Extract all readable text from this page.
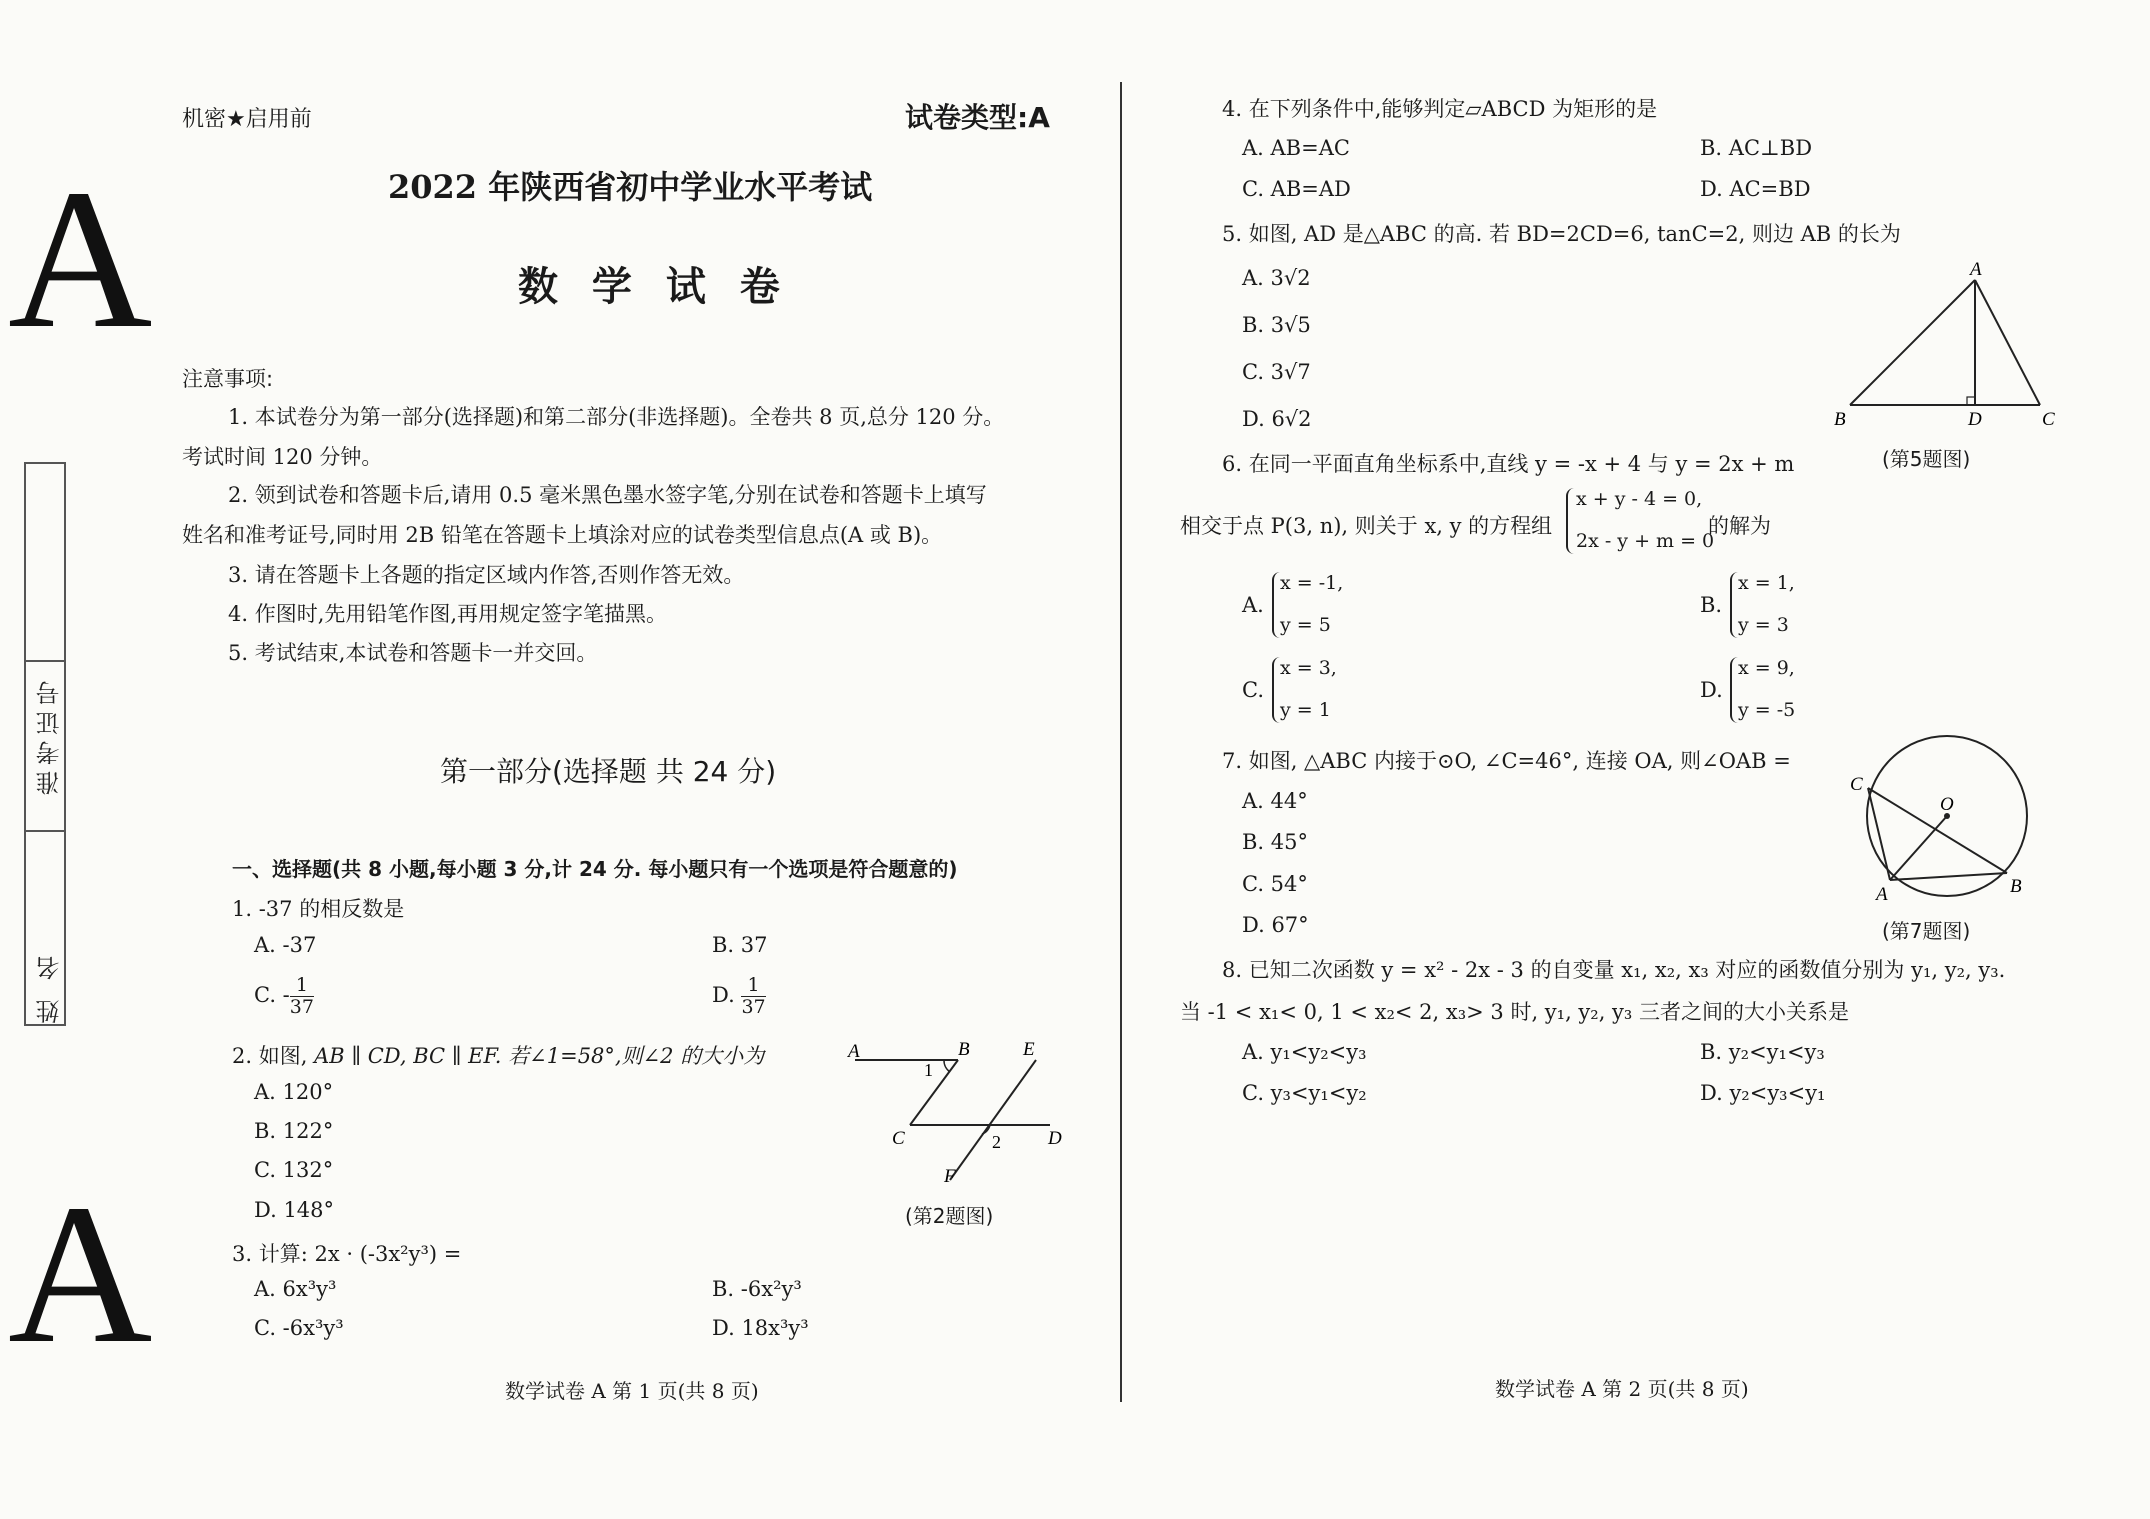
A
A
准考证号
姓 名
机密★启用前	试卷类型:A
2022 年陕西省初中学业水平考试
数 学 试 卷
注意事项:
1. 本试卷分为第一部分(选择题)和第二部分(非选择题)。全卷共 8 页,总分 120 分。
考试时间 120 分钟。
2. 领到试卷和答题卡后,请用 0.5 毫米黑色墨水签字笔,分别在试卷和答题卡上填写
姓名和准考证号,同时用 2B 铅笔在答题卡上填涂对应的试卷类型信息点(A 或 B)。
3. 请在答题卡上各题的指定区域内作答,否则作答无效。
4. 作图时,先用铅笔作图,再用规定签字笔描黑。
5. 考试结束,本试卷和答题卡一并交回。
第一部分(选择题 共 24 分)
一、选择题(共 8 小题,每小题 3 分,计 24 分. 每小题只有一个选项是符合题意的)
1. -37 的相反数是
A. -37	B. 37
C. - $\frac{1}{37}$	D. $\frac{1}{37}$
2. 如图, AB ∥ CD, BC ∥ EF. 若∠1=58°,则∠2 的大小为
A. 120°
B. 122°
C. 132°
D. 148°
A	B	E
C	D
F
1
2
(第2题图)
3. 计算: 2x · (-3x²y³) =
A. 6x³y³	B. -6x²y³
C. -6x³y³	D. 18x³y³
数学试卷 A 第 1 页(共 8 页)
4. 在下列条件中,能够判定▱ABCD 为矩形的是
A. AB=AC	B. AC⊥BD
C. AB=AD	D. AC=BD
5. 如图, AD 是△ABC 的高. 若 BD=2CD=6, tanC=2, 则边 AB 的长为
A. 3√2
B. 3√5
C. 3√7
D. 6√2
A
B	D	C
(第5题图)
6. 在同一平面直角坐标系中,直线 y = -x + 4 与 y = 2x + m
相交于点 P(3, n), 则关于 x, y 的方程组
x + y - 4 = 0,
2x - y + m = 0
的解为
A.
x = -1,
y = 5
B.
x = 1,
y = 3
C.
x = 3,
y = 1
D.
x = 9,
y = -5
7. 如图, △ABC 内接于⊙O, ∠C=46°, 连接 OA, 则∠OAB =
A. 44°
B. 45°
C. 54°
D. 67°
C
O
A	B
(第7题图)
8. 已知二次函数 y = x² - 2x - 3 的自变量 x₁, x₂, x₃ 对应的函数值分别为 y₁, y₂, y₃.
当 -1 < x₁< 0, 1 < x₂< 2, x₃> 3 时, y₁, y₂, y₃ 三者之间的大小关系是
A. y₁<y₂<y₃	B. y₂<y₁<y₃
C. y₃<y₁<y₂	D. y₂<y₃<y₁
数学试卷 A 第 2 页(共 8 页)
